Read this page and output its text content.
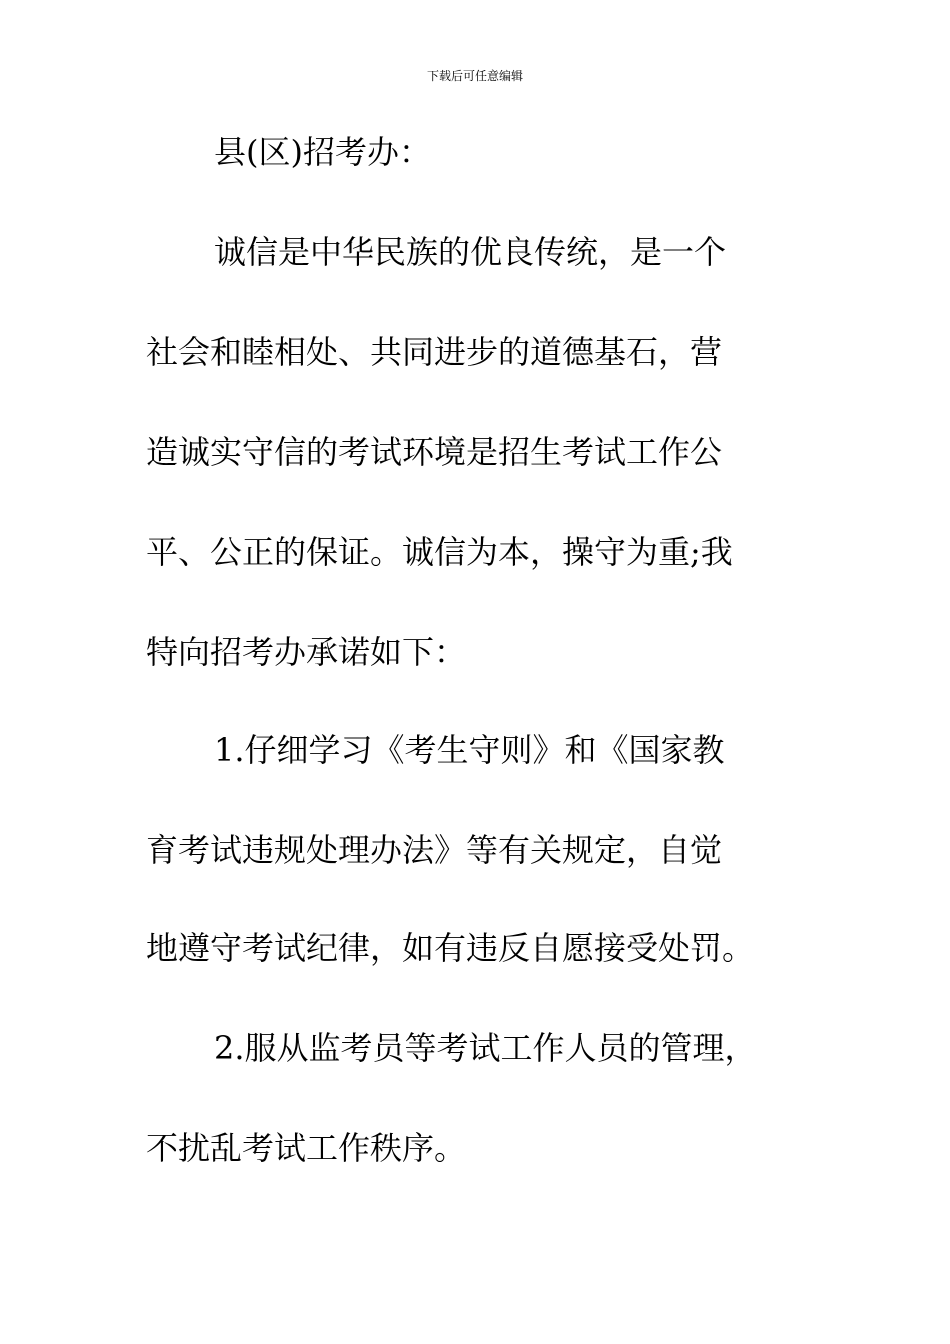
下载后可任意编辑
县(区)招考办：
诚信是中华民族的优良传统，是一个
社会和睦相处、共同进步的道德基石，营
造诚实守信的考试环境是招生考试工作公
平、公正的保证。诚信为本，操守为重;我
特向招考办承诺如下：
1.仔细学习《考生守则》和《国家教
育考试违规处理办法》等有关规定，自觉
地遵守考试纪律，如有违反自愿接受处罚。
2.服从监考员等考试工作人员的管理，
不扰乱考试工作秩序。
